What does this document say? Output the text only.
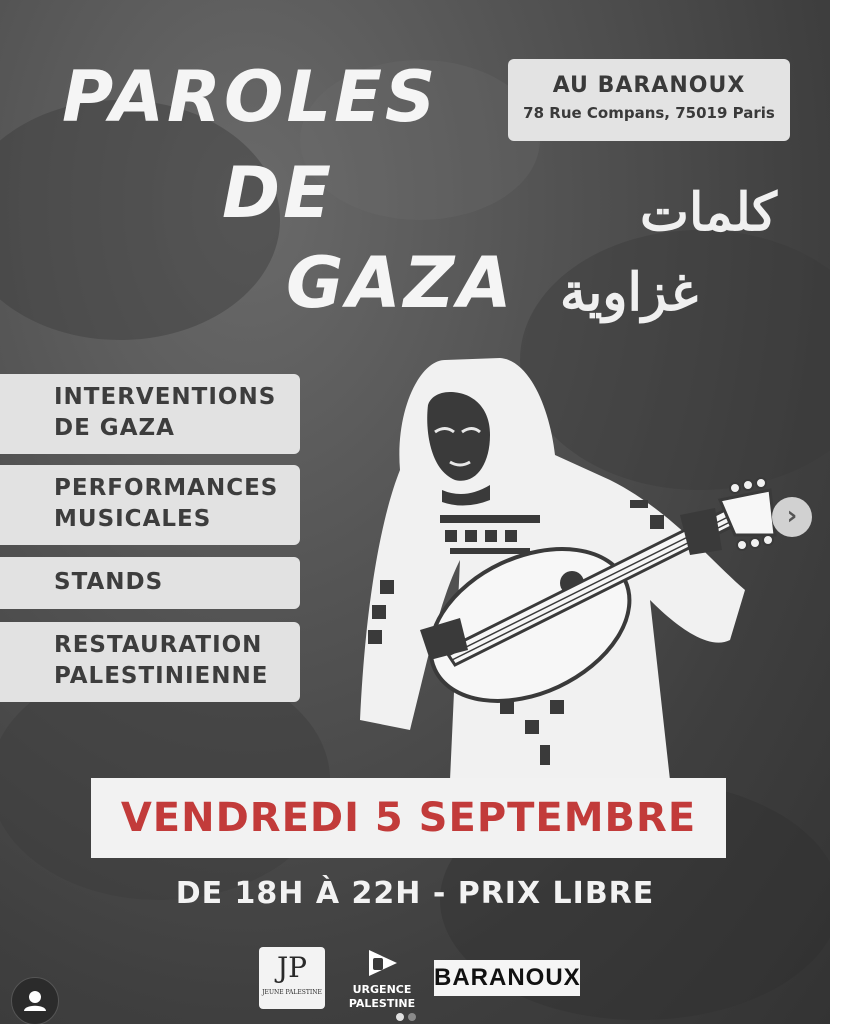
PAROLES
DE
GAZA
AU BARANOUX
78 Rue Compans, 75019 Paris
كلمات
غزاوية
INTERVENTIONS
DE GAZA
PERFORMANCES
MUSICALES
STANDS
RESTAURATION
PALESTINIENNE
VENDREDI 5 SEPTEMBRE
DE 18H À 22H - PRIX LIBRE
JP
JEUNE PALESTINE	URGENCE
PALESTINE
BARANOUX
›
